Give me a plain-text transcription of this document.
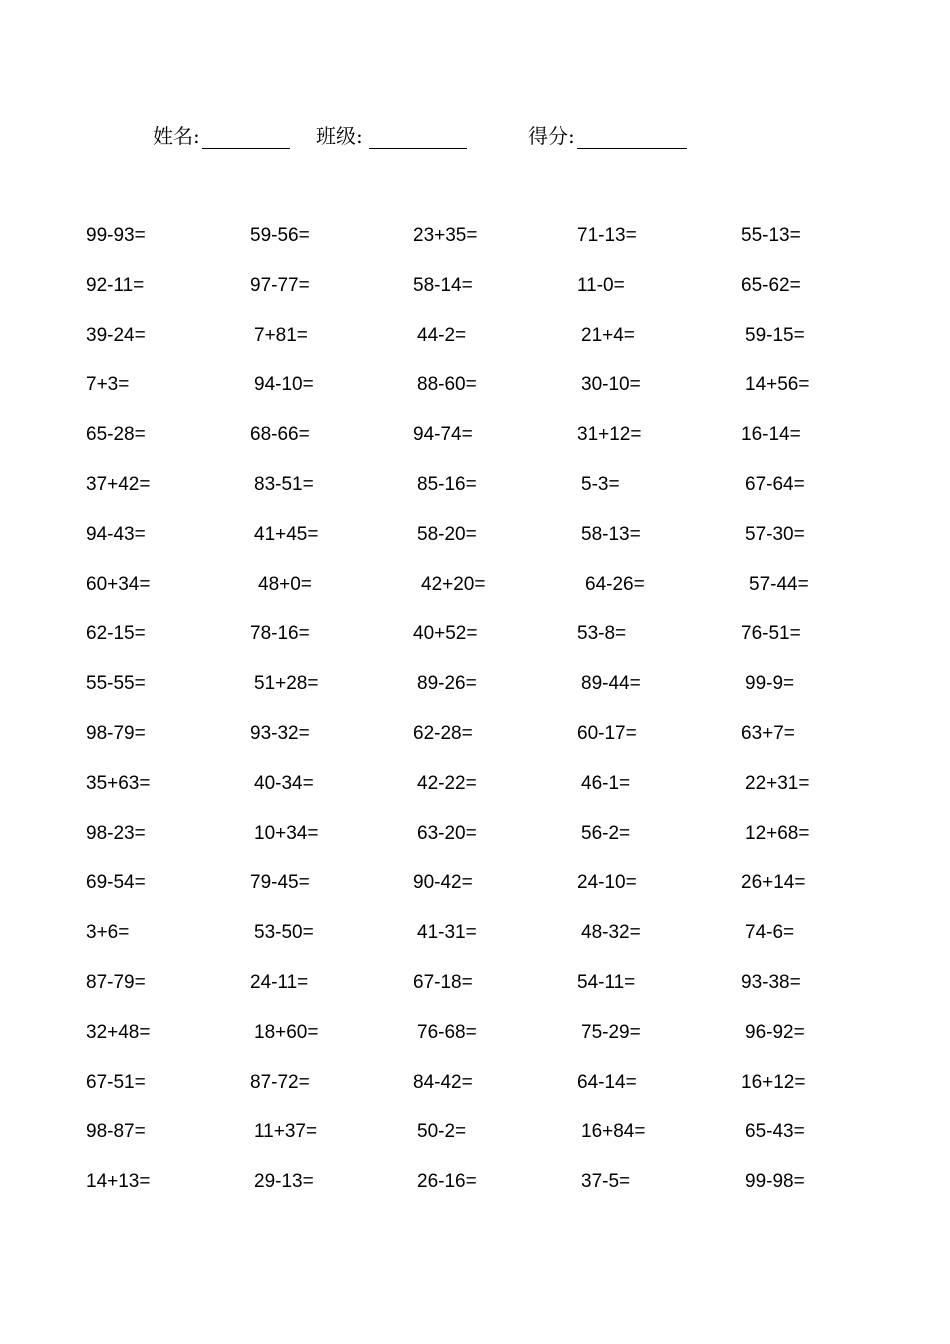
姓名:	班级:	得分:
99-93=	59-56=	23+35=	71-13=	55-13=
92-11=	97-77=	58-14=	11-0=	65-62=
39-24=	7+81=	44-2=	21+4=	59-15=
7+3=	94-10=	88-60=	30-10=	14+56=
65-28=	68-66=	94-74=	31+12=	16-14=
37+42=	83-51=	85-16=	5-3=	67-64=
94-43=	41+45=	58-20=	58-13=	57-30=
60+34=	48+0=	42+20=	64-26=	57-44=
62-15=	78-16=	40+52=	53-8=	76-51=
55-55=	51+28=	89-26=	89-44=	99-9=
98-79=	93-32=	62-28=	60-17=	63+7=
35+63=	40-34=	42-22=	46-1=	22+31=
98-23=	10+34=	63-20=	56-2=	12+68=
69-54=	79-45=	90-42=	24-10=	26+14=
3+6=	53-50=	41-31=	48-32=	74-6=
87-79=	24-11=	67-18=	54-11=	93-38=
32+48=	18+60=	76-68=	75-29=	96-92=
67-51=	87-72=	84-42=	64-14=	16+12=
98-87=	11+37=	50-2=	16+84=	65-43=
14+13=	29-13=	26-16=	37-5=	99-98=
